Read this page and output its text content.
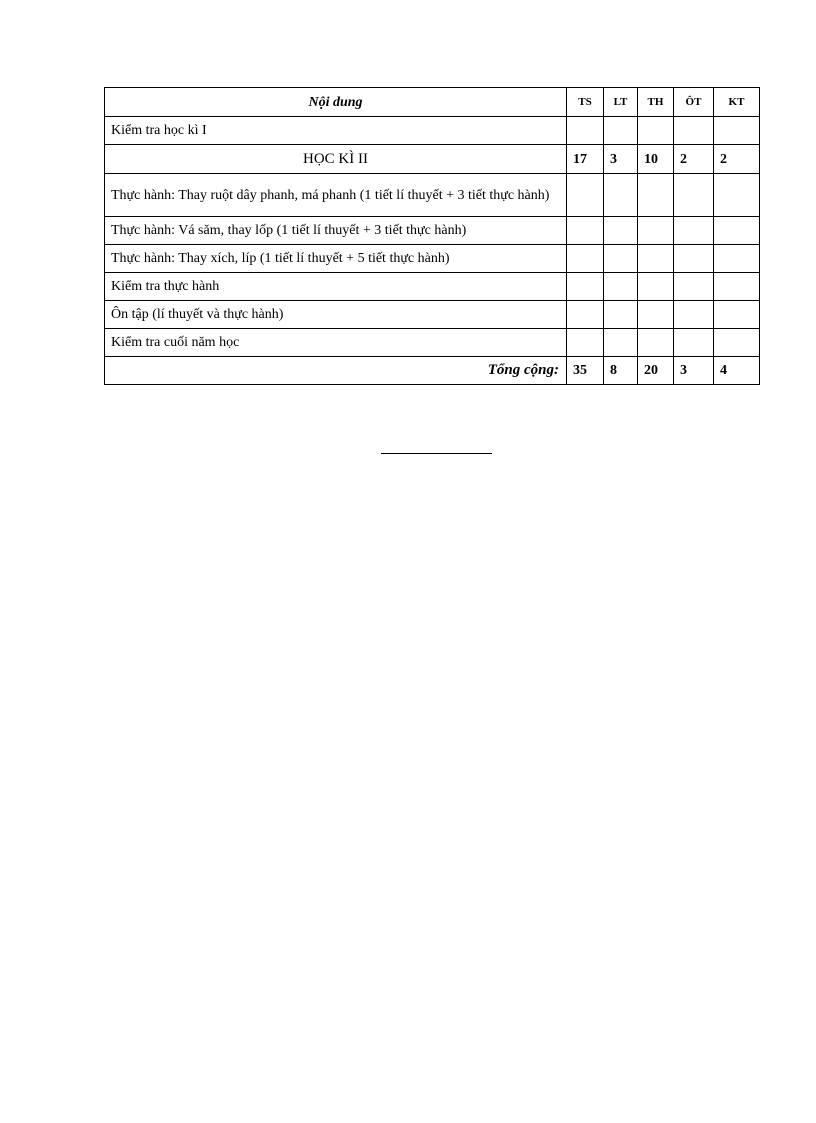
Nội dung	TS	LT	TH	ÔT	KT
Kiểm tra học kì I					
HỌC KÌ II	17	3	10	2	2
Thực hành: Thay ruột dây phanh, má phanh (1 tiết lí thuyết + 3 tiết thực hành)					
Thực hành: Vá săm, thay lốp (1 tiết lí thuyết + 3 tiết thực hành)					
Thực hành: Thay xích, líp (1 tiết lí thuyết + 5 tiết thực hành)					
Kiểm tra thực hành					
Ôn tập (lí thuyết và thực hành)					
Kiểm tra cuối năm học					
Tổng cộng:	35	8	20	3	4
